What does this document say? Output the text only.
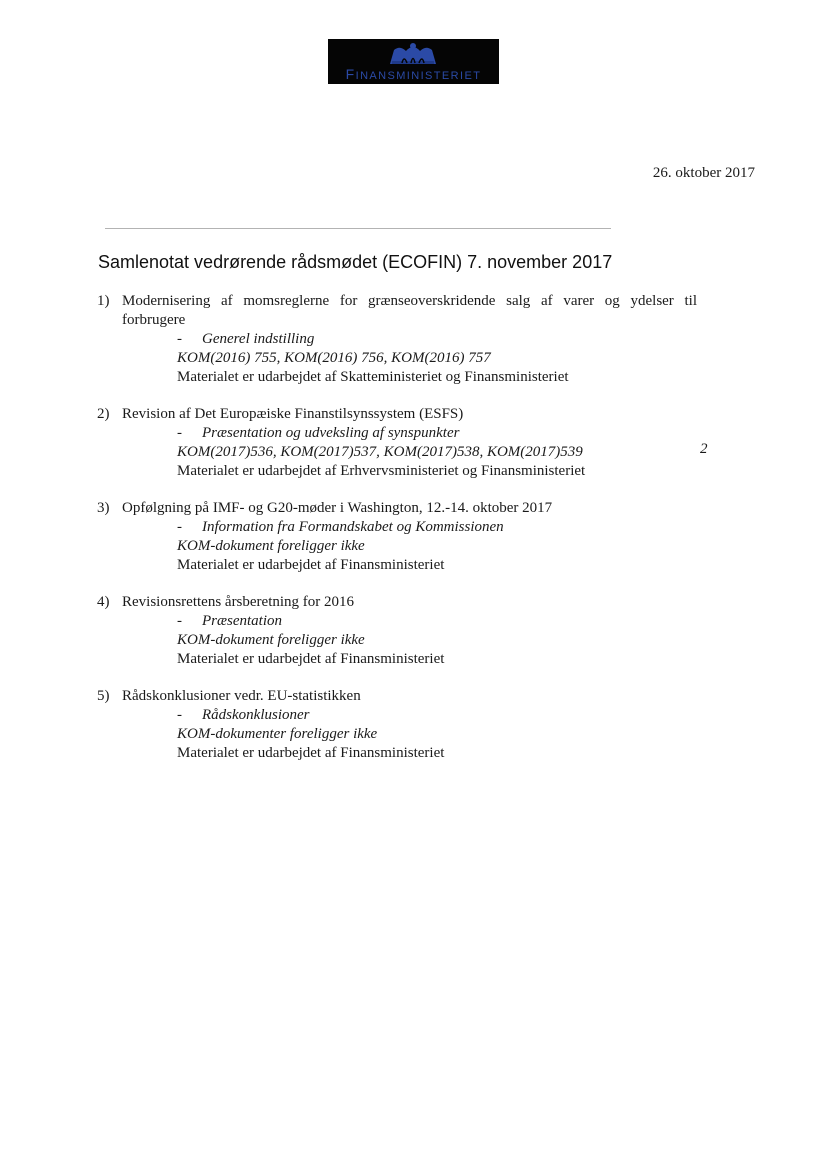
FINANSMINISTERIET
26. oktober 2017
Samlenotat vedrørende rådsmødet (ECOFIN) 7. november 2017
1) Modernisering af momsreglerne for grænseoverskridende salg af varer og ydelser til
forbrugere
- Generel indstilling
KOM(2016) 755, KOM(2016) 756, KOM(2016) 757
Materialet er udarbejdet af Skatteministeriet og Finansministeriet
2) Revision af Det Europæiske Finanstilsynssystem (ESFS)
- Præsentation og udveksling af synspunkter
KOM(2017)536, KOM(2017)537, KOM(2017)538, KOM(2017)539
Materialet er udarbejdet af Erhvervsministeriet og Finansministeriet
2
3) Opfølgning på IMF- og G20-møder i Washington, 12.-14. oktober 2017
- Information fra Formandskabet og Kommissionen
KOM-dokument foreligger ikke
Materialet er udarbejdet af Finansministeriet
4) Revisionsrettens årsberetning for 2016
- Præsentation
KOM-dokument foreligger ikke
Materialet er udarbejdet af Finansministeriet
5) Rådskonklusioner vedr. EU-statistikken
- Rådskonklusioner
KOM-dokumenter foreligger ikke
Materialet er udarbejdet af Finansministeriet
